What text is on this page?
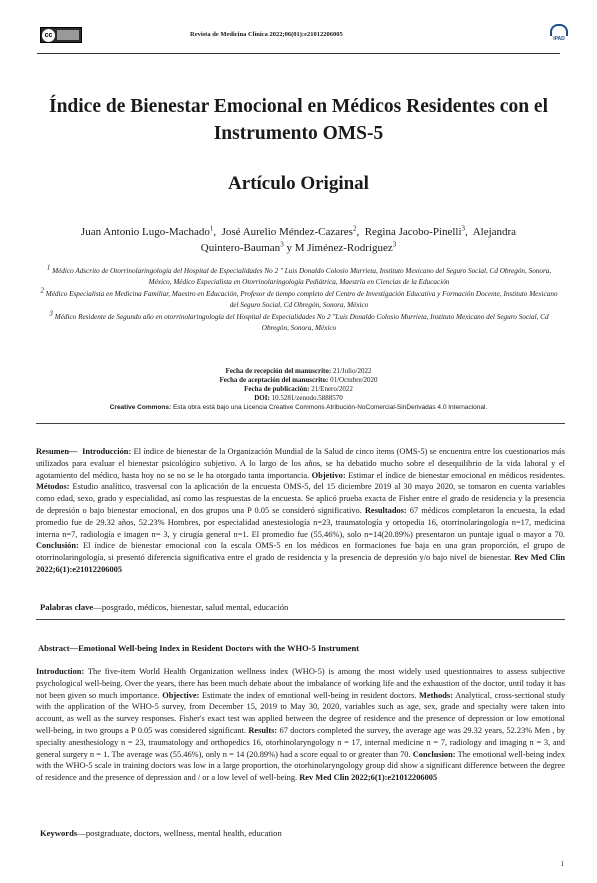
cc	Revista de Medicina Clínica 2022;06(01):e21012206005
IPAD
Índice de Bienestar Emocional en Médicos Residentes con el Instrumento OMS-5
Artículo Original
Juan Antonio Lugo-Machado$^1$,  José Aurelio Méndez-Cazares$^2$,  Regina Jacobo-Pinelli$^3$,  Alejandra
Quintero-Bauman$^3$ y M Jiménez-Rodríguez$^3$

1 Médico Adscrito de Otorrinolaringología del Hospital de Especialidades No 2 " Luis Donaldo Colosio Murrieta, Instituto Mexicano del Seguro Social, Cd Obregón, Sonora, México, Médico Especialista en Otorrinolaringología Pediátrica, Maestría en Ciencias de la Educación

2 Médico Especialista en Medicina Familiar, Maestro en Educación, Profesor de tiempo completo del Centro de Investigación Educativa y Formación Docente, Instituto Mexicano del Seguro Social, Cd Obregón, Sonora, México

3 Médico Residente de Segundo año en otorrinolaringología del Hospital de Especialidades No 2 "Luis Donaldo Colosio Murrieta, Instituto Mexicano del Seguro Social, Cd Obregón, Sonora, México

Fecha de recepción del manuscrito: 21/Julio/2022
Fecha de aceptación del manuscrito: 01/Octubre/2020
Fecha de publicación: 21/Enero/2022
DOI: 10.5281/zenodo.5888570
Creative Commons: Esta obra está bajo una Licencia Creative Commons Atribución-NoComercial-SinDerivadas 4.0 Internacional.
Resumen— Introducción: El índice de bienestar de la Organización Mundial de la Salud de cinco ítems (OMS-5) se encuentra entre los cuestionarios más utilizados para evaluar el bienestar psicológico subjetivo. A lo largo de los años, se ha debatido mucho sobre el desequilibrio de la vida laboral y el agotamiento del médico, hasta hoy no se no se le ha otorgado tanta importancia. Objetivo: Estimar el índice de bienestar emocional en médicos residentes. Métodos: Estudio analítico, trasversal con la aplicación de la encuesta OMS-5, del 15 diciembre 2019 al 30 mayo 2020, se tomaron en cuenta variables como edad, sexo, grado y especialidad, así como las respuestas de la encuesta. Se aplicó prueba exacta de Fisher entre el grado de residencia y la presencia de depresión o bajo bienestar emocional, en dos grupos una P 0.05 se consideró significativo. Resultados: 67 médicos completaron la encuesta, la edad promedio fue de 29.32 años, 52.23% Hombres, por especialidad anestesiología n=23, traumatología y ortopedia 16, otorrinolaringología n=17, medicina interna n=7, radiología e imagen n= 3, y cirugía general n=1. El promedio fue (55.46%), solo n=14(20.89%) presentaron un puntaje igual o mayor a 70. Conclusión: El índice de bienestar emocional con la escala OMS-5 en los médicos en formaciones fue baja en una gran proporción, el grupo de otorrinolaringología, si presentó diferencia significativa entre el grado de residencia y la presencia de depresión y/o bajo nivel de bienestar. Rev Med Clin 2022;6(1):e21012206005
Palabras clave—posgrado, médicos, bienestar, salud mental, educación
Abstract—Emotional Well-being Index in Resident Doctors with the WHO-5 Instrument
Introduction: The five-item World Health Organization wellness index (WHO-5) is among the most widely used questionnaires to assess subjective psychological well-being. Over the years, there has been much debate about the imbalance of working life and the exhaustion of the doctor, until today it has not been given so much importance. Objective: Estimate the index of emotional well-being in resident doctors. Methods: Analytical, cross-sectional study with the application of the WHO-5 survey, from December 15, 2019 to May 30, 2020, variables such as age, sex, grade and specialty were taken into account, as well as the survey responses. Fisher's exact test was applied between the degree of residence and the presence of depression or low emotional well-being, in two groups a P 0.05 was considered significant. Results: 67 doctors completed the survey, the average age was 29.32 years, 52.23% Men , by specialty anesthesiology n = 23, traumatology and orthopedics 16, otorhinolaryngology n = 17, internal medicine n = 7, radiology and imaging n = 3, and general surgery n = 1. The average was (55.46%), only n = 14 (20.89%) had a score equal to or greater than 70. Conclusion: The emotional well-being index with the WHO-5 scale in training doctors was low in a large proportion, the otorhinolaryngology group did show a significant difference between the degree of residence and the presence of depression and / or a low level of well-being. Rev Med Clin 2022;6(1):e21012206005
Keywords—postgraduate, doctors, wellness, mental health, education
1
